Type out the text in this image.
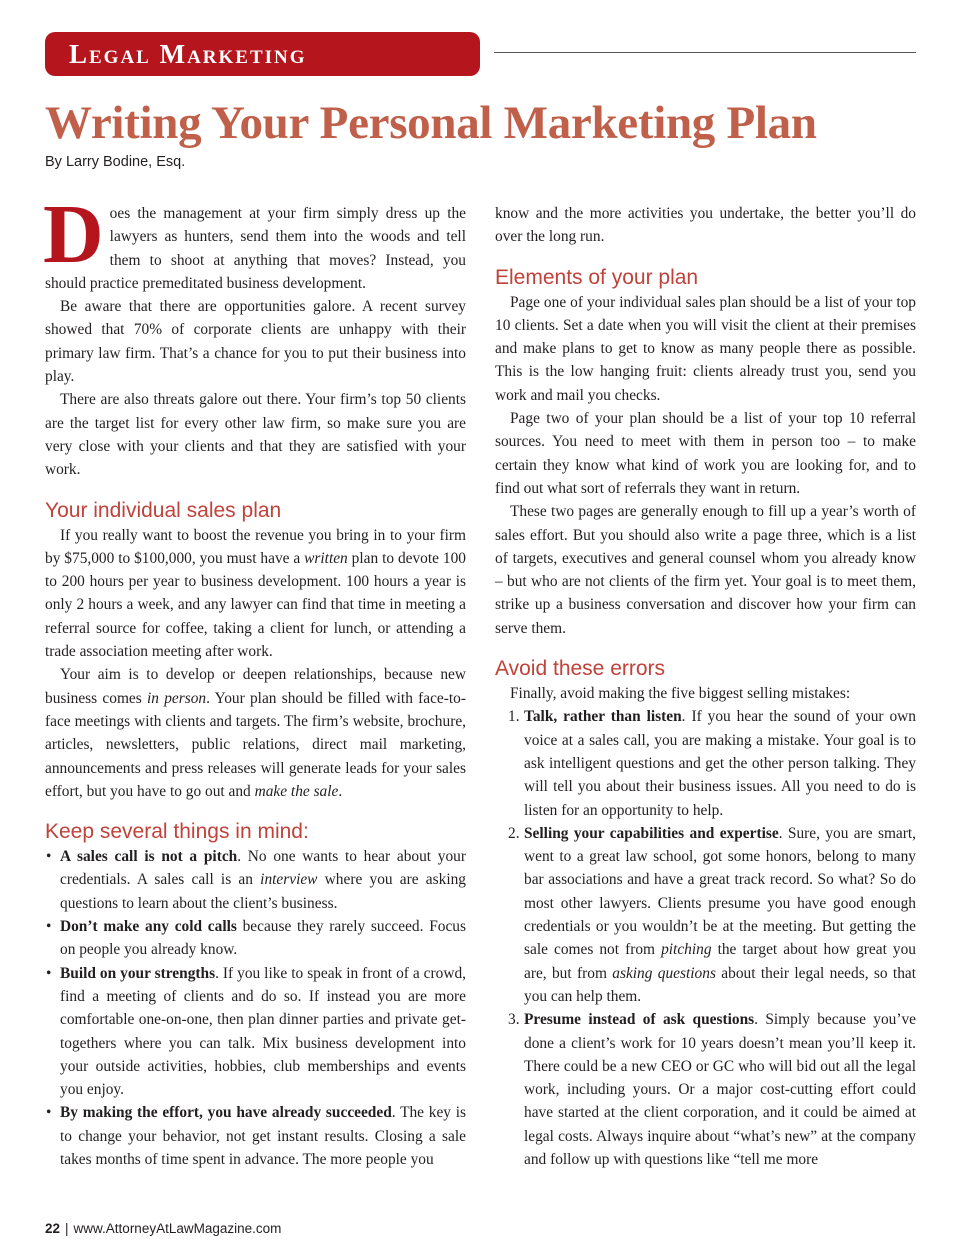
Legal Marketing
Writing Your Personal Marketing Plan
By Larry Bodine, Esq.

Does the management at your firm simply dress up the lawyers as hunters, send them into the woods and tell them to shoot at anything that moves? Instead, you should practice premeditated business development.

Be aware that there are opportunities galore. A recent survey showed that 70% of corporate clients are unhappy with their primary law firm. That’s a chance for you to put their business into play.

There are also threats galore out there. Your firm’s top 50 clients are the target list for every other law firm, so make sure you are very close with your clients and that they are satisfied with your work.

Your individual sales plan

If you really want to boost the revenue you bring in to your firm by $75,000 to $100,000, you must have a written plan to devote 100 to 200 hours per year to business development. 100 hours a year is only 2 hours a week, and any lawyer can find that time in meeting a referral source for coffee, taking a client for lunch, or attending a trade association meeting after work.

Your aim is to develop or deepen relationships, because new business comes in person. Your plan should be filled with face-to-face meetings with clients and targets. The firm’s website, brochure, articles, newsletters, public relations, direct mail marketing, announcements and press releases will generate leads for your sales effort, but you have to go out and make the sale.

Keep several things in mind:
• A sales call is not a pitch. No one wants to hear about your credentials. A sales call is an interview where you are asking questions to learn about the client’s business.
• Don’t make any cold calls because they rarely succeed. Focus on people you already know.
• Build on your strengths. If you like to speak in front of a crowd, find a meeting of clients and do so. If instead you are more comfortable one-on-one, then plan dinner parties and private get-togethers where you can talk. Mix business development into your outside activities, hobbies, club memberships and events you enjoy.
• By making the effort, you have already succeeded. The key is to change your behavior, not get instant results. Closing a sale takes months of time spent in advance. The more people you

know and the more activities you undertake, the better you’ll do over the long run.

Elements of your plan

Page one of your individual sales plan should be a list of your top 10 clients. Set a date when you will visit the client at their premises and make plans to get to know as many people there as possible. This is the low hanging fruit: clients already trust you, send you work and mail you checks.

Page two of your plan should be a list of your top 10 referral sources. You need to meet with them in person too – to make certain they know what kind of work you are looking for, and to find out what sort of referrals they want in return.

These two pages are generally enough to fill up a year’s worth of sales effort. But you should also write a page three, which is a list of targets, executives and general counsel whom you already know – but who are not clients of the firm yet. Your goal is to meet them, strike up a business conversation and discover how your firm can serve them.

Avoid these errors

Finally, avoid making the five biggest selling mistakes:

1. Talk, rather than listen. If you hear the sound of your own voice at a sales call, you are making a mistake. Your goal is to ask intelligent questions and get the other person talking. They will tell you about their business issues. All you need to do is listen for an opportunity to help.
2. Selling your capabilities and expertise. Sure, you are smart, went to a great law school, got some honors, belong to many bar associations and have a great track record. So what? So do most other lawyers. Clients presume you have good enough credentials or you wouldn’t be at the meeting. But getting the sale comes not from pitching the target about how great you are, but from asking questions about their legal needs, so that you can help them.
3. Presume instead of ask questions. Simply because you’ve done a client’s work for 10 years doesn’t mean you’ll keep it. There could be a new CEO or GC who will bid out all the legal work, including yours. Or a major cost-cutting effort could have started at the client corporation, and it could be aimed at legal costs. Always inquire about “what’s new” at the company and follow up with questions like “tell me more
22 | www.AttorneyAtLawMagazine.com
